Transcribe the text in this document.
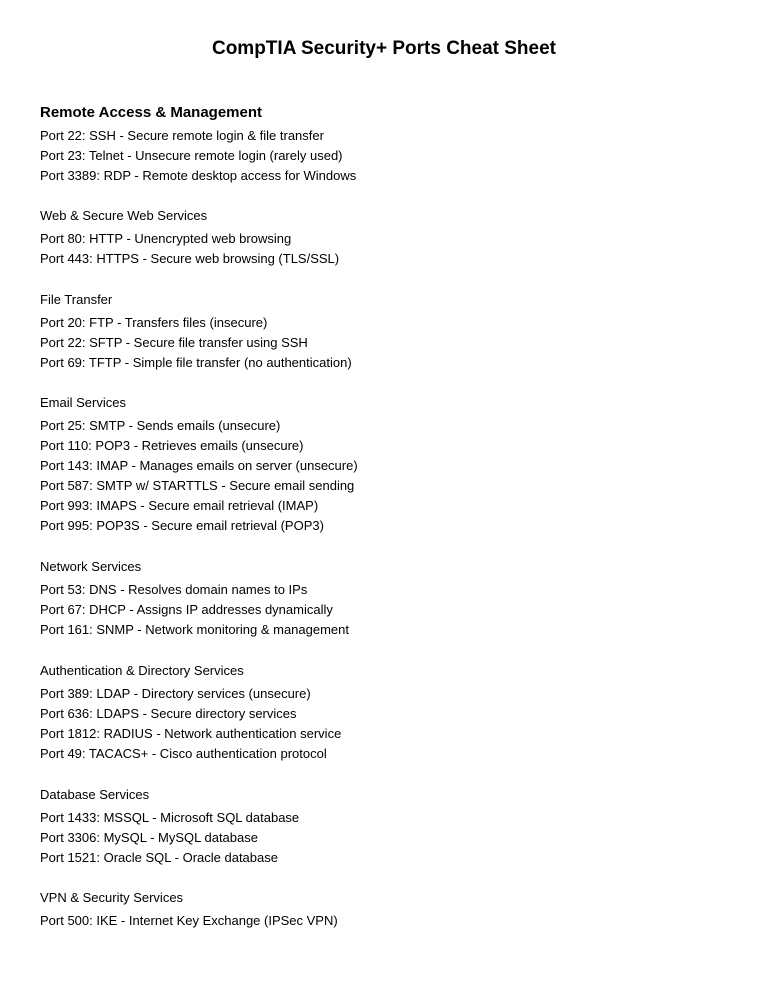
CompTIA Security+ Ports Cheat Sheet
Remote Access & Management
Port 22: SSH - Secure remote login & file transfer
Port 23: Telnet - Unsecure remote login (rarely used)
Port 3389: RDP - Remote desktop access for Windows
Web & Secure Web Services
Port 80: HTTP - Unencrypted web browsing
Port 443: HTTPS - Secure web browsing (TLS/SSL)
File Transfer
Port 20: FTP - Transfers files (insecure)
Port 22: SFTP - Secure file transfer using SSH
Port 69: TFTP - Simple file transfer (no authentication)
Email Services
Port 25: SMTP - Sends emails (unsecure)
Port 110: POP3 - Retrieves emails (unsecure)
Port 143: IMAP - Manages emails on server (unsecure)
Port 587: SMTP w/ STARTTLS - Secure email sending
Port 993: IMAPS - Secure email retrieval (IMAP)
Port 995: POP3S - Secure email retrieval (POP3)
Network Services
Port 53: DNS - Resolves domain names to IPs
Port 67: DHCP - Assigns IP addresses dynamically
Port 161: SNMP - Network monitoring & management
Authentication & Directory Services
Port 389: LDAP - Directory services (unsecure)
Port 636: LDAPS - Secure directory services
Port 1812: RADIUS - Network authentication service
Port 49: TACACS+ - Cisco authentication protocol
Database Services
Port 1433: MSSQL - Microsoft SQL database
Port 3306: MySQL - MySQL database
Port 1521: Oracle SQL - Oracle database
VPN & Security Services
Port 500: IKE - Internet Key Exchange (IPSec VPN)
